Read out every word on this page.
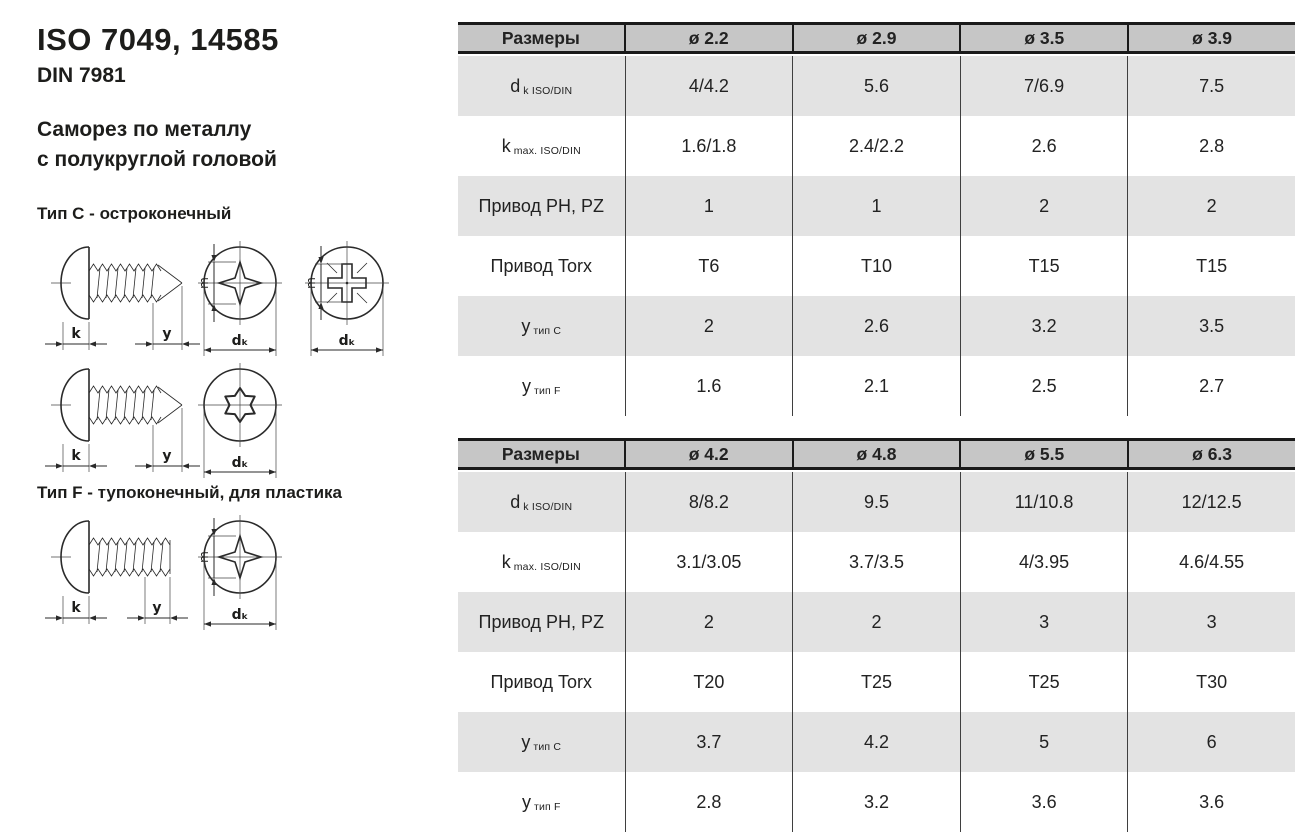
ISO 7049, 14585
DIN 7981
Саморез по металлу
с полукруглой головой
Тип C - остроконечный
Тип F - тупоконечный, для пластика
k	y
m
dₖ
m
dₖ
k	y	dₖ
k	y
m
dₖ
Размеры	ø 2.2	ø 2.9	ø 3.5	ø 3.9
d k ISO/DIN	4/4.2	5.6	7/6.9	7.5
k max. ISO/DIN	1.6/1.8	2.4/2.2	2.6	2.8
Привод PH, PZ	1	1	2	2
Привод Torx	T6	T10	T15	T15
y тип C	2	2.6	3.2	3.5
y тип F	1.6	2.1	2.5	2.7
Размеры	ø 4.2	ø 4.8	ø 5.5	ø 6.3
d k ISO/DIN	8/8.2	9.5	11/10.8	12/12.5
k max. ISO/DIN	3.1/3.05	3.7/3.5	4/3.95	4.6/4.55
Привод PH, PZ	2	2	3	3
Привод Torx	T20	T25	T25	T30
y тип C	3.7	4.2	5	6
y тип F	2.8	3.2	3.6	3.6
